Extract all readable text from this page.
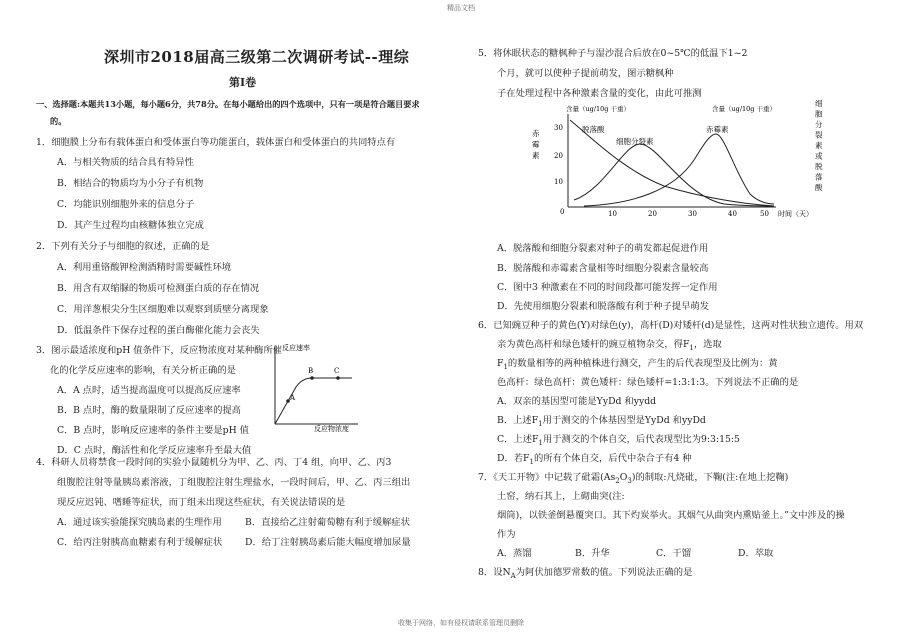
精品文档
收集于网络，如有侵权请联系管理员删除
深圳市2018届高三级第二次调研考试--理综
第Ⅰ卷
一、选择题:本题共13小题，每小题6分，共78分。在每小题给出的四个选项中，只有一项是符合题目要求
的。
1．细胞膜上分布有载体蛋白和受体蛋白等功能蛋白，载体蛋白和受体蛋白的共同特点有
A．与相关物质的结合具有特异性
B．相结合的物质均为小分子有机物
C．均能识别细胞外来的信息分子
D．其产生过程均由核糖体独立完成
2．下列有关分子与细胞的叙述，正确的是
A．利用重铬酸钾检测酒精时需要碱性环境
B．用含有双缩脲的物质可检测蛋白质的存在情况
C．用洋葱根尖分生区细胞难以观察到质壁分离现象
D．低温条件下保存过程的蛋白酶催化能力会丧失
3．图示最适浓度和pH 值条件下，反应物浓度对某种酶所催
化的化学反应速率的影响，有关分析正确的是
A．A 点时，适当提高温度可以提高反应速率
B．B 点时，酶的数量限制了反应速率的提高
C．B 点时，影响反应速率的条件主要是pH 值
D．C 点时，酶活性和化学反应速率升至最大值
反应速率
A
B	C
反应物浓度
4．科研人员将禁食一段时间的实验小鼠随机分为甲、乙、丙、丁4 组，向甲、乙、丙3
组腹腔注射等量胰岛素溶液，丁组腹腔注射生理盐水，一段时间后，甲、乙、丙三组出
现反应迟钝、嗜睡等症状，而丁组未出现这些症状，有关说法错误的是
A．通过该实验能探究胰岛素的生理作用 B．直接给乙注射葡萄糖有利于缓解症状
C．给丙注射胰高血糖素有利于缓解症状 D．给丁注射胰岛素后能大幅度增加尿量
5．将休眠状态的糖枫种子与湿沙混合后放在0~5℃的低温下1~2
个月，就可以使种子提前萌发，图示糖枫种
子在处理过程中各种激素含量的变化，由此可推测
赤霉素
含量（ug/10g 干重）	含量（ug/10g 干重）
细胞分裂素或脱落酸
30
20
10
0	10	20	30	40	50 时间（天）
脱落酸
细胞分裂素
赤霉素
A．脱落酸和细胞分裂素对种子的萌发都起促进作用
B．脱落酸和赤霉素含量相等时细胞分裂素含量较高
C．图中3 种激素在不同的时间段都可能发挥一定作用
D．先使用细胞分裂素和脱落酸有利于种子提早萌发
6．已知豌豆种子的黄色(Y)对绿色(y)，高杆(D)对矮杆(d)是显性，这两对性状独立遗传。用双
亲为黄色高杆和绿色矮杆的豌豆植物杂交，得$F_1$，选取
$F_1$的数量相等的两种植株进行测交，产生的后代表现型及比例为：黄
色高杆：绿色高杆：黄色矮杆：绿色矮杆=1:3:1:3。下列说法不正确的是
A．双亲的基因型可能是YyDd 和yydd
B．上述$F_1$用于测交的个体基因型是YyDd 和yyDd
C．上述$F_1$用于测交的个体自交，后代表现型比为9:3:15:5
D．若$F_1$的所有个体自交，后代中杂合子有4 种
7．《天工开物》中记载了砒霜$(As_2O_3)$的制取:凡烧砒，下鞠(注:在地上挖鞠)
土窑，纳石其上，上砌曲突(注:
烟筒)，以铁釜倒悬覆突口。其下灼炭举火。其烟气从曲突内熏贴釜上。”文中涉及的操
作为
A．蒸馏	B．升华	C．干馏	D．萃取
8．设$N_A$为阿伏加德罗常数的值。下列说法正确的是
